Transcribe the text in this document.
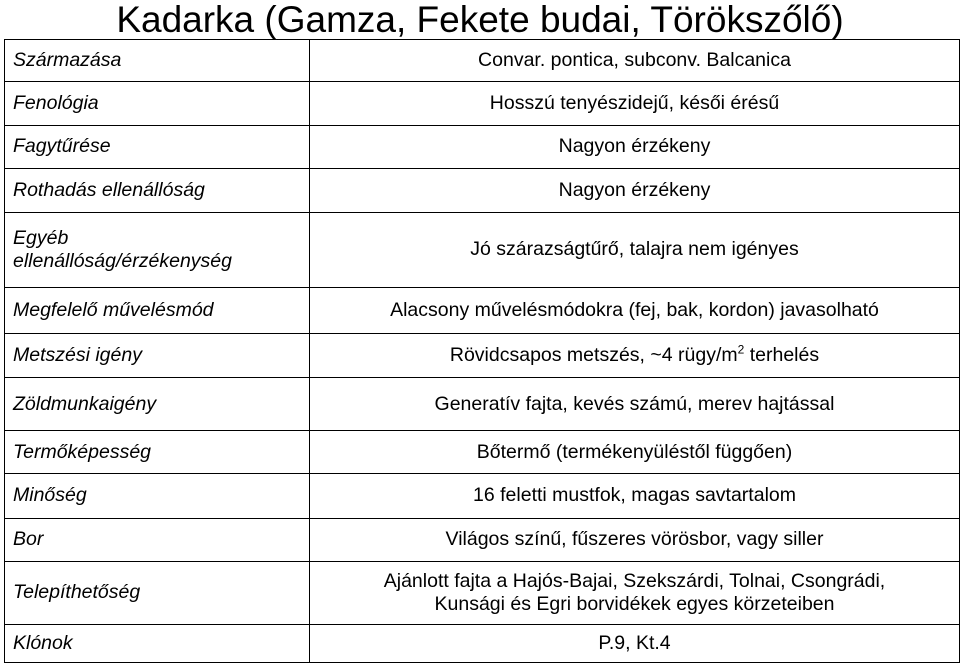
Kadarka (Gamza, Fekete budai, Törökszőlő)
Származása	Convar. pontica, subconv. Balcanica
Fenológia	Hosszú tenyészidejű, késői érésű
Fagytűrése	Nagyon érzékeny
Rothadás ellenállóság	Nagyon érzékeny
Egyéb
ellenállóság/érzékenység	Jó szárazságtűrő, talajra nem igényes
Megfelelő művelésmód	Alacsony művelésmódokra (fej, bak, kordon) javasolható
Metszési igény	Rövidcsapos metszés, ~4 rügy/$m^2$ terhelés
Zöldmunkaigény	Generatív fajta, kevés számú, merev hajtással
Termőképesség	Bőtermő (termékenyüléstől függően)
Minőség	16 feletti mustfok, magas savtartalom
Bor	Világos színű, fűszeres vörösbor, vagy siller
Telepíthetőség	Ajánlott fajta a Hajós-Bajai, Szekszárdi, Tolnai, Csongrádi,
Kunsági és Egri borvidékek egyes körzeteiben
Klónok	P.9, Kt.4
